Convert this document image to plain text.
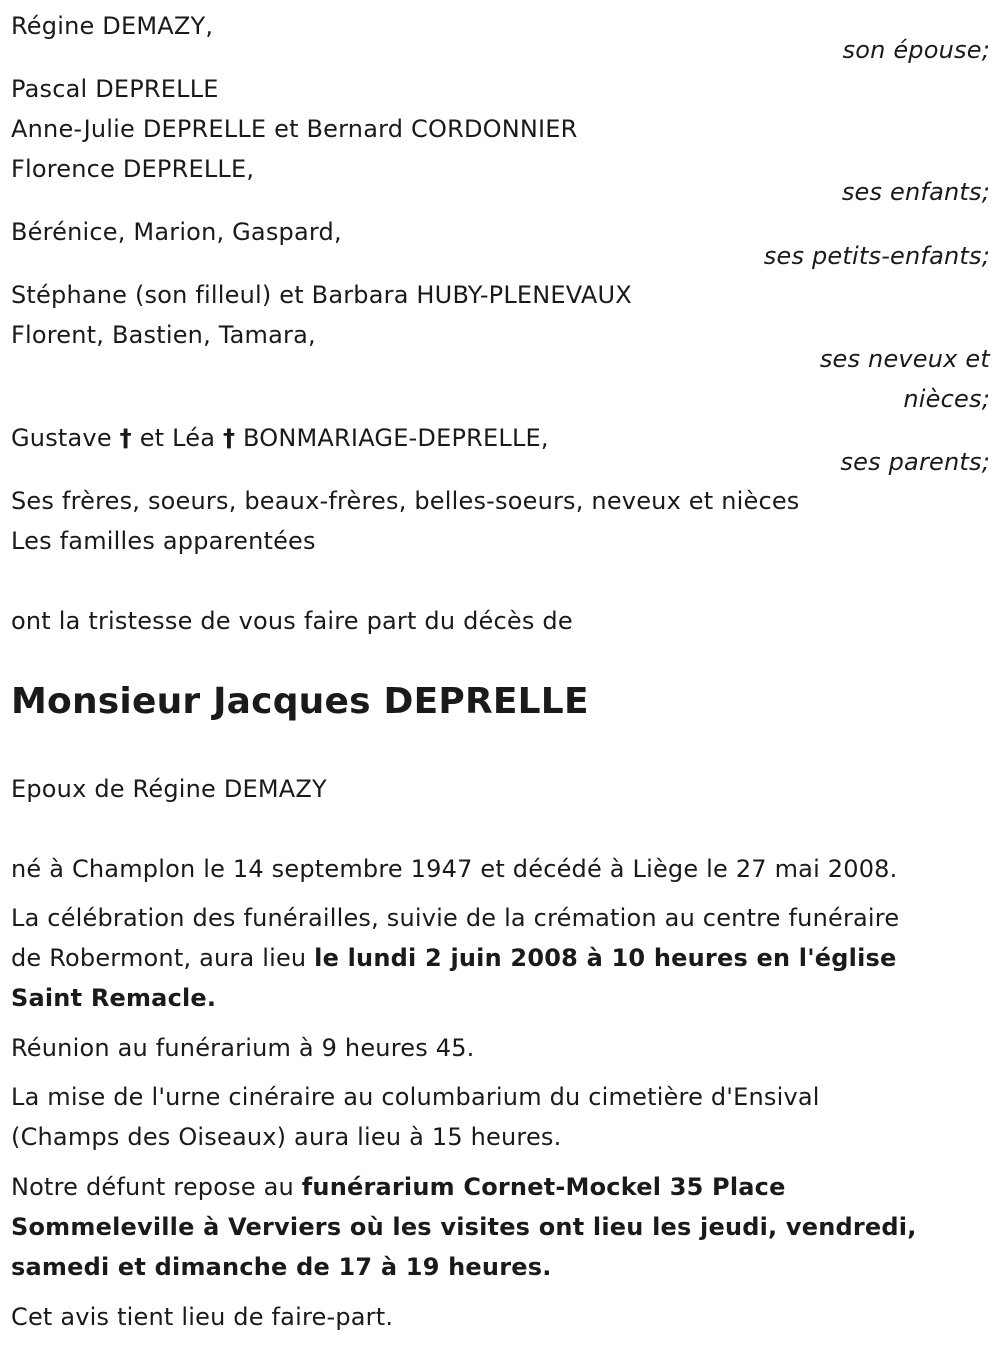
Régine DEMAZY,
son épouse;
Pascal DEPRELLE
Anne-Julie DEPRELLE et Bernard CORDONNIER
Florence DEPRELLE,
ses enfants;
Bérénice, Marion, Gaspard,
ses petits-enfants;
Stéphane (son filleul) et Barbara HUBY-PLENEVAUX
Florent, Bastien, Tamara,
ses neveux et
nièces;
Gustave † et Léa † BONMARIAGE-DEPRELLE,
ses parents;
Ses frères, soeurs, beaux-frères, belles-soeurs, neveux et nièces
Les familles apparentées
ont la tristesse de vous faire part du décès de
Monsieur Jacques DEPRELLE
Epoux de Régine DEMAZY
né à Champlon le 14 septembre 1947 et décédé à Liège le 27 mai 2008.
La célébration des funérailles, suivie de la crémation au centre funéraire
de Robermont, aura lieu le lundi 2 juin 2008 à 10 heures en l'église
Saint Remacle.
Réunion au funérarium à 9 heures 45.
La mise de l'urne cinéraire au columbarium du cimetière d'Ensival
(Champs des Oiseaux) aura lieu à 15 heures.
Notre défunt repose au funérarium Cornet-Mockel 35 Place
Sommeleville à Verviers où les visites ont lieu les jeudi, vendredi,
samedi et dimanche de 17 à 19 heures.
Cet avis tient lieu de faire-part.
